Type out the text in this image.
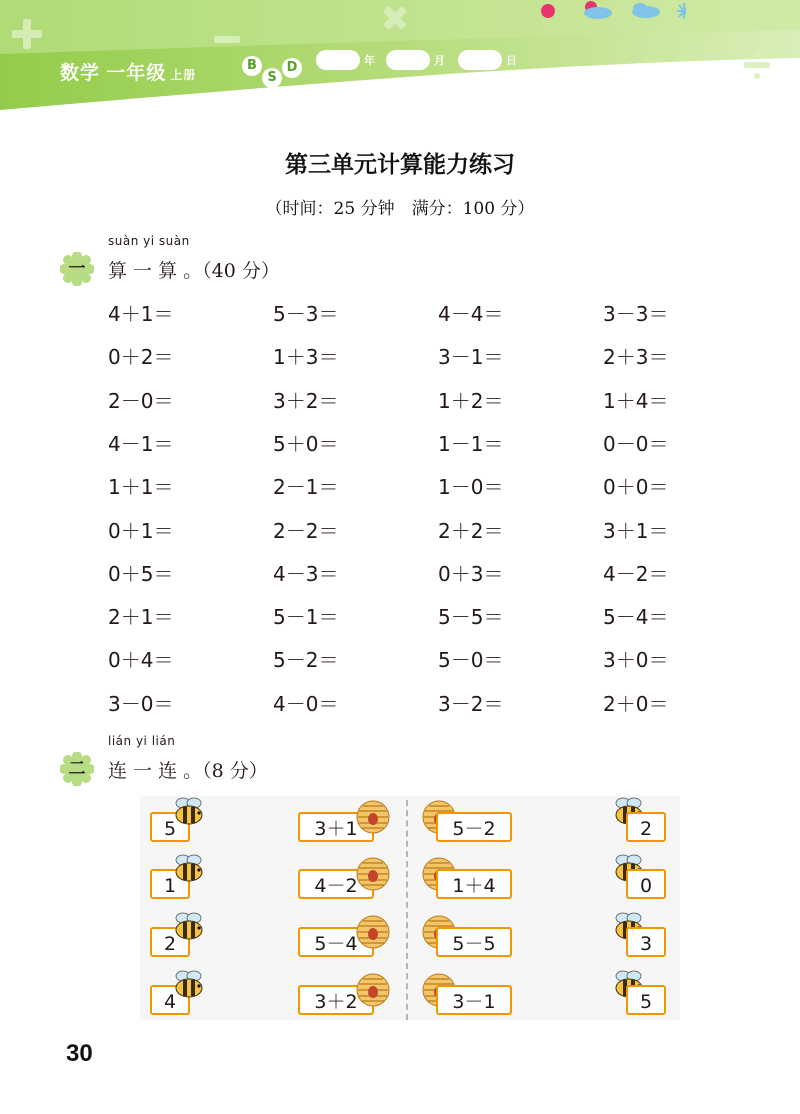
数学 一年级 上册
B
S
D	年	月	日
第三单元计算能力练习
（时间：25 分钟　满分：100 分）
suàn yi suàn
一	算 一 算 。（40 分）
4＋1＝	5－3＝	4－4＝	3－3＝
0＋2＝	1＋3＝	3－1＝	2＋3＝
2－0＝	3＋2＝	1＋2＝	1＋4＝
4－1＝	5＋0＝	1－1＝	0－0＝
1＋1＝	2－1＝	1－0＝	0＋0＝
0＋1＝	2－2＝	2＋2＝	3＋1＝
0＋5＝	4－3＝	0＋3＝	4－2＝
2＋1＝	5－1＝	5－5＝	5－4＝
0＋4＝	5－2＝	5－0＝	3＋0＝
3－0＝	4－0＝	3－2＝	2＋0＝
lián yi lián
二	连 一 连 。（8 分）
5	3＋1	5－2	2
1	4－2	1＋4	0
2	5－4	5－5	3
4	3＋2	3－1	5
30
